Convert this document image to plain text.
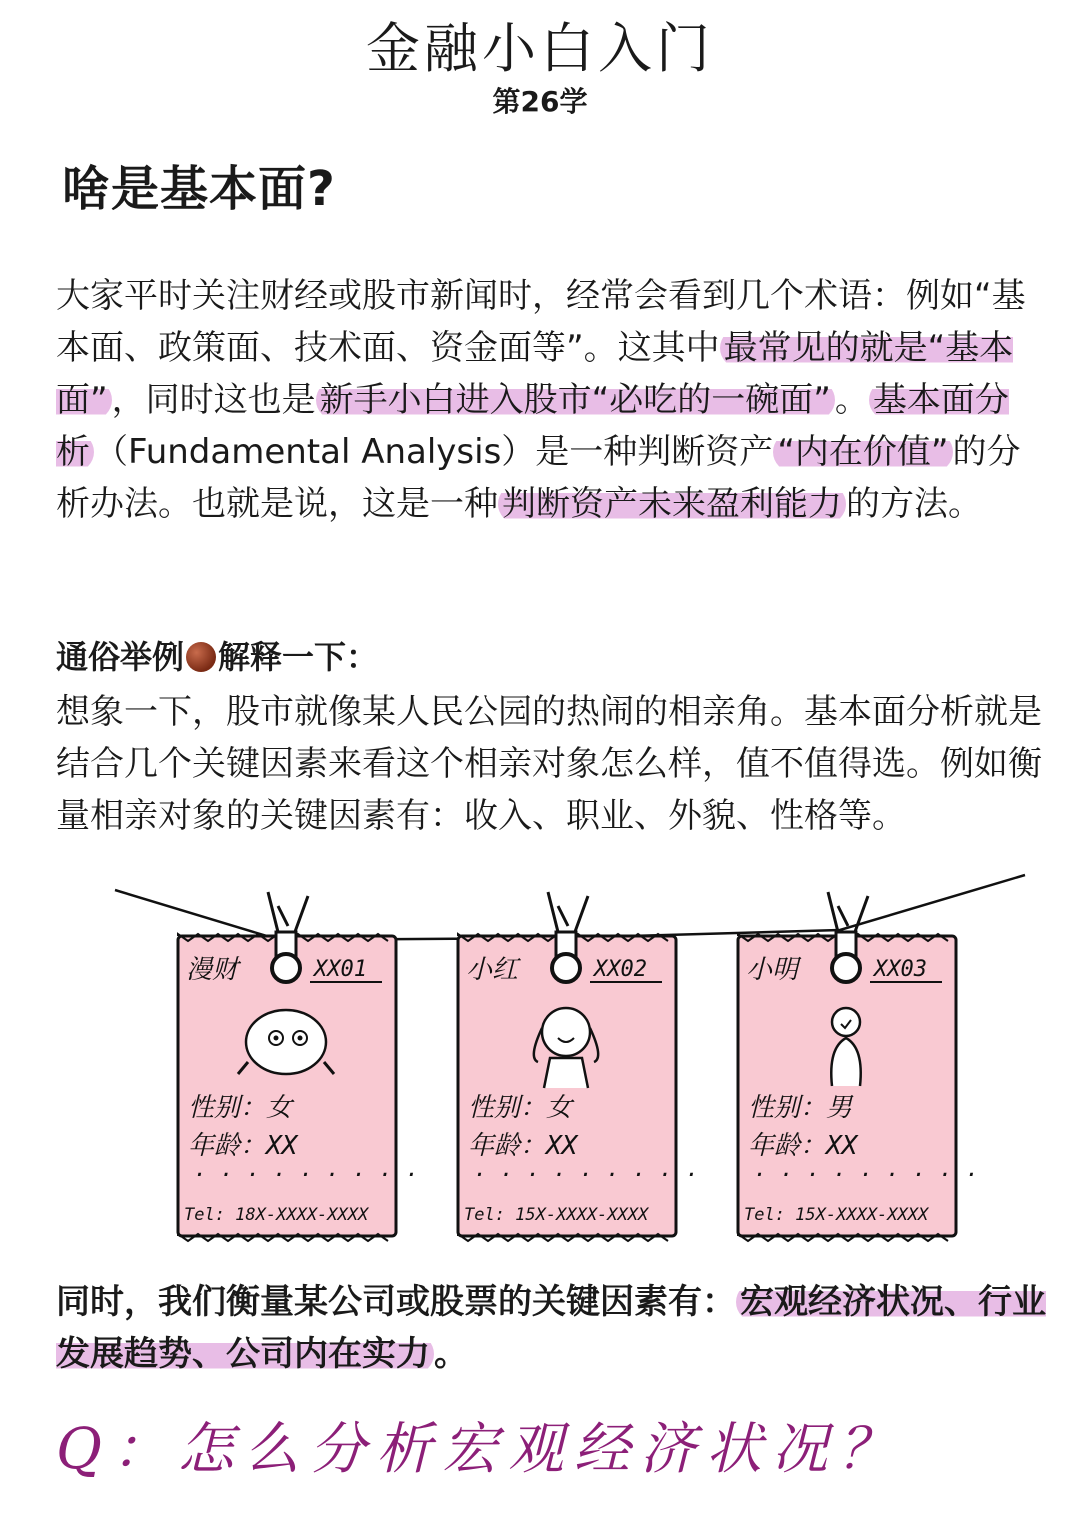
金融小白入门
第26学
啥是基本面?
大家平时关注财经或股市新闻时，经常会看到几个术语：例如“基本面、政策面、技术面、资金面等”。这其中 最常见的就是“基本面” ，同时这也是 新手小白进入股市“必吃的一碗面” 。 基本面分析 （Fundamental Analysis）是一种判断资产 “内在价值” 的分析办法。也就是说，这是一种 判断资产未来盈利能力 的方法。
通俗举例 解释一下：
想象一下，股市就像某人民公园的热闹的相亲角。基本面分析就是结合几个关键因素来看这个相亲对象怎么样，值不值得选。例如衡量相亲对象的关键因素有：收入、职业、外貌、性格等。
漫财	XX01
性别：女
年龄：XX
. . . . . . . . .
Tel: 18X-XXXX-XXXX
小红	XX02
性别：女
年龄：XX
. . . . . . . . .
Tel: 15X-XXXX-XXXX
小明	XX03
性别：男
年龄：XX
. . . . . . . . .
Tel: 15X-XXXX-XXXX
同时，我们衡量某公司或股票的关键因素有： 宏观经济状况、行业发展趋势、公司内在实力 。
Q：怎么分析宏观经济状况？
